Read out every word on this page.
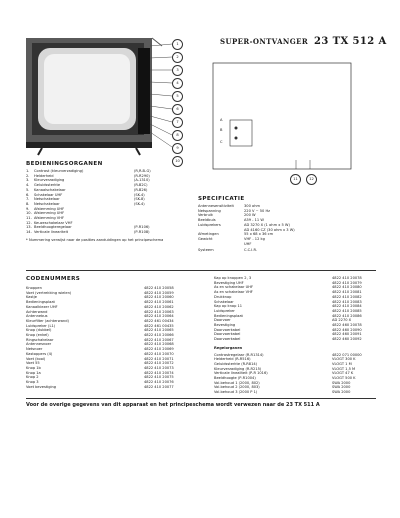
SUPER-ONTVANGER 23 TX 512 A
1
2
3
4
5
6
7
8
9
10
A
B
C
11	12
BEDIENINGSORGANEN
1.	Contrast (kleurverzadiging)	(R,R-B-G)
2.	Helderheid	(R-R290)
3.	Kleurverzadiging	(A-1310)
4.	Geluidssterkte	(R-B2C)
5.	Kanaalschakelaar	(R-B26)
6.	Schakelaar UHF	(SK-4)
7.	Netschakelaar	(SK-8)
8.	Netschakelaar	(SK-4)
9.	Afstemming UHF
10. Afstemming UHF
11. Afstemming VHF
12. Keuzeschakelaar VHF
13. Beeldhoogteregelaar	(P-R106)
14. Verticale lineariteit	(P-R108)
* Nummering verwijst naar de posities aanduidingen op het principeschema
SPECIFICATIE
Antennesensitiviteit	300 ohm
Netspanning	220 V ~ 50 Hz
Verbruik	200 W
Beeldbuis	A59 - 11 W
Luidsprekers	AD 3270 X (1 ohm x 5 W)
AD 4160 CZ (30 ohm x 3 W)
Afmetingen	55 x 68 x 36 cm
Gewicht	VHF - 12 kg
UHF
Systeem	C.C.I.R.
CODENUMMERS
Knoppen	4822 410 20058
Voet (vertrekking wielen)	4822 410 20059
Kastje	4822 410 20060
Bedieningsplaat	4822 410 20061
Kanaalkiezer UHF	4822 410 20062
Achterwand	4822 410 20063
Antennebus	4822 410 20064
Kleurfilter (achterwand)	4822 461 00434
Luidspreker (L1)	4822 461 00435
Knop (dubbel)	4822 410 20065
Knop (enkel)	4822 410 20066
Ringschakelaar	4822 410 20067
Antennesnoer	4822 410 20068
Netsnoer	4822 410 20069
Kastoppers (4)	4822 410 20070
Voet (kooi)	4822 410 20071
Voet 55	4822 410 20072
Knop 1b	4822 410 20073
Knop 1a	4822 410 20074
Knop 2	4822 410 20075
Knop 3	4822 410 20076
Voet bevestiging	4822 410 20077
Kap op knoppen 2, 3	4822 410 20078
Bevestiging UHF	4822 410 20079
As en schakelaar UHF	4822 410 20080
As en schakelaar VHF	4822 410 20081
Drukknop	4822 410 20082
Schakelaar	4822 410 20083
Kap op knop 11	4822 410 20084
Luidspreker	4822 410 20085
Bedieningsplaat	4822 410 20086
Doorvoer	AD 2270 X
Bevestiging	4822 460 20078
Doorvoerkabel	4822 460 20090
Doorvoerkabel	4822 460 20091
Doorvoerkabel	4822 460 20092
Regelorganen
Contrastregelaar (R-R1314)	4822 071 00000
Helderheid (R-R516)	VLOGT 300 K
Geluidssterkte (R-R814)	VLOGT 1 M
Kleurverzadiging (R-R215)	VLOGT 1,5 M
Verticale linealiteit (P-R 1016)	VLOGT 47 K
Beeldhoogte (P-R1004)	VLOGT 500 K
Vol.behoud 1 (2000, 802)	SWA 2000
Vol.behoud 2 (2000, 803)	SWA 2000
Vol.behoud 3 (2000 P 1)	SWA 2000
Voor de overige gegevens van dit apparaat en het principeschema wordt verwezen naar de 23 TX 511 A
